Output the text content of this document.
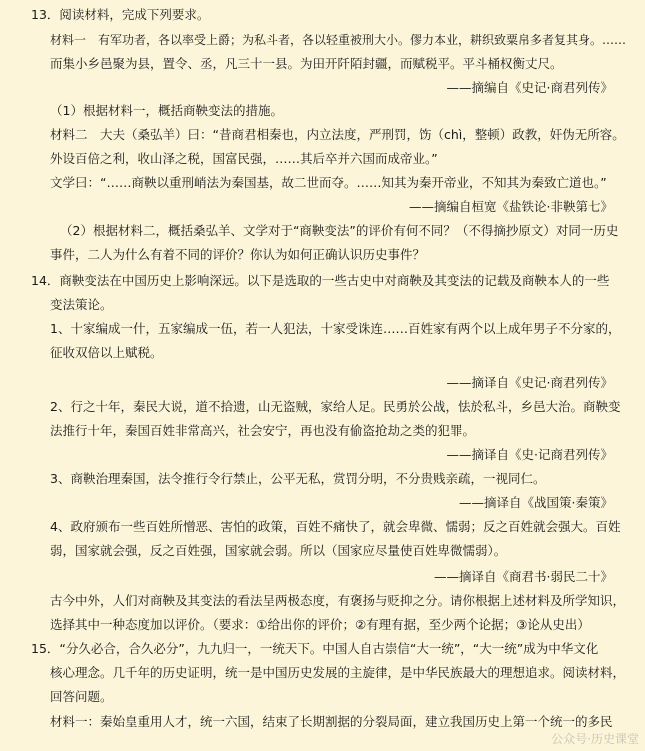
13．阅读材料，完成下列要求。
材料一　有军功者，各以率受上爵；为私斗者，各以轻重被刑大小。僇力本业，耕织致粟帛多者复其身。……
而集小乡邑聚为县，置令、丞，凡三十一县。为田开阡陌封疆，而赋税平。平斗桶权衡丈尺。
——摘编自《史记·商君列传》
（1）根据材料一，概括商鞅变法的措施。
材料二　大夫（桑弘羊）曰：“昔商君相秦也，内立法度，严刑罚，饬（chì，整顿）政教，奸伪无所容。
外设百倍之利，收山泽之税，国富民强，……其后卒并六国而成帝业。”
文学曰：“……商鞅以重刑峭法为秦国基，故二世而夺。……知其为秦开帝业，不知其为秦致亡道也。”
——摘编自桓宽《盐铁论·非鞅第七》
（2）根据材料二，概括桑弘羊、文学对于“商鞅变法”的评价有何不同？（不得摘抄原文）对同一历史
事件，二人为什么有着不同的评价？你认为如何正确认识历史事件？
14．商鞅变法在中国历史上影响深远。以下是选取的一些古史中对商鞅及其变法的记载及商鞅本人的一些
变法策论。
1、十家编成一什，五家编成一伍，若一人犯法，十家受诛连……百姓家有两个以上成年男子不分家的，
征收双倍以上赋税。
——摘译自《史记·商君列传》
2、行之十年，秦民大说，道不拾遗，山无盗贼，家给人足。民勇於公战，怯於私斗，乡邑大治。商鞅变
法推行十年，秦国百姓非常高兴，社会安宁，再也没有偷盗抢劫之类的犯罪。
——摘译自《史·记商君列传》
3、商鞅治理秦国，法令推行令行禁止，公平无私，赏罚分明，不分贵贱亲疏，一视同仁。
——摘译自《战国策·秦策》
4、政府颁布一些百姓所憎恶、害怕的政策，百姓不痛快了，就会卑微、懦弱；反之百姓就会强大。百姓
弱，国家就会强，反之百姓强，国家就会弱。所以（国家应尽量使百姓卑微懦弱）。
——摘译自《商君书·弱民二十》
古今中外，人们对商鞅及其变法的看法呈两极态度，有褒扬与贬抑之分。请你根据上述材料及所学知识，
选择其中一种态度加以评价。（要求：①给出你的评价；②有理有据，至少两个论据；③论从史出）
15．“分久必合，合久必分”，九九归一，一统天下。中国人自古崇信“大一统”，“大一统”成为中华文化
核心理念。几千年的历史证明，统一是中国历史发展的主旋律，是中华民族最大的理想追求。阅读材料，
回答问题。
材料一：秦始皇重用人才，统一六国，结束了长期割据的分裂局面，建立我国历史上第一个统一的多民
公众号·历史课堂
